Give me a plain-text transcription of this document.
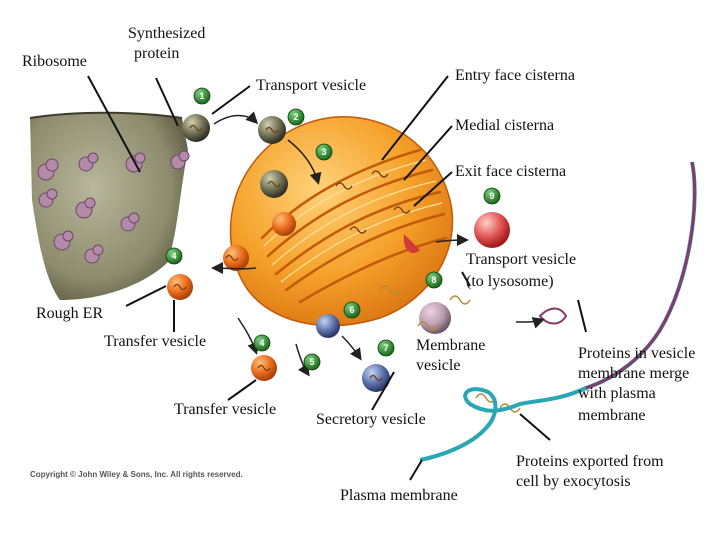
1
2
3
9
4
8
6
4
5
7
Ribosome
Synthesized
protein
Transport vesicle
Entry face cisterna
Medial cisterna
Exit face cisterna
Transport vesicle
(to lysosome)
Rough ER
Transfer vesicle
Transfer vesicle
Membrane
vesicle
Secretory vesicle
Plasma membrane
Proteins in vesicle
membrane merge
with plasma
membrane
Proteins exported from
cell by exocytosis
Copyright © John Wiley & Sons, Inc. All rights reserved.
